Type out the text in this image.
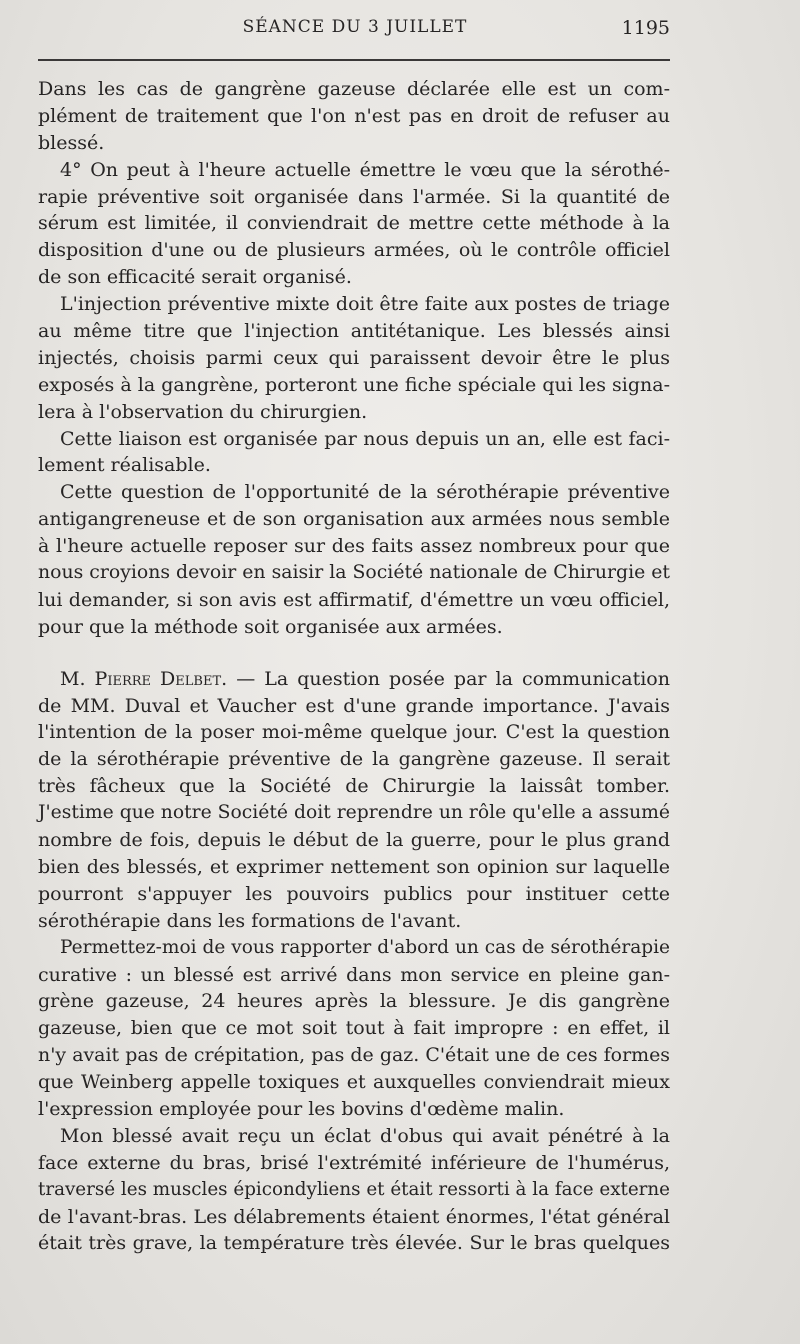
SÉANCE DU 3 JUILLET	1195
Dans les cas de gangrène gazeuse déclarée elle est un com-
plément de traitement que l'on n'est pas en droit de refuser au
blessé.
4° On peut à l'heure actuelle émettre le vœu que la sérothé-
rapie préventive soit organisée dans l'armée. Si la quantité de
sérum est limitée, il conviendrait de mettre cette méthode à la
disposition d'une ou de plusieurs armées, où le contrôle officiel
de son efficacité serait organisé.
L'injection préventive mixte doit être faite aux postes de triage
au même titre que l'injection antitétanique. Les blessés ainsi
injectés, choisis parmi ceux qui paraissent devoir être le plus
exposés à la gangrène, porteront une fiche spéciale qui les signa-
lera à l'observation du chirurgien.
Cette liaison est organisée par nous depuis un an, elle est faci-
lement réalisable.
Cette question de l'opportunité de la sérothérapie préventive
antigangreneuse et de son organisation aux armées nous semble
à l'heure actuelle reposer sur des faits assez nombreux pour que
nous croyions devoir en saisir la Société nationale de Chirurgie et
lui demander, si son avis est affirmatif, d'émettre un vœu officiel,
pour que la méthode soit organisée aux armées.
M. Pierre Delbet. — La question posée par la communication
de MM. Duval et Vaucher est d'une grande importance. J'avais
l'intention de la poser moi-même quelque jour. C'est la question
de la sérothérapie préventive de la gangrène gazeuse. Il serait
très fâcheux que la Société de Chirurgie la laissât tomber.
J'estime que notre Société doit reprendre un rôle qu'elle a assumé
nombre de fois, depuis le début de la guerre, pour le plus grand
bien des blessés, et exprimer nettement son opinion sur laquelle
pourront s'appuyer les pouvoirs publics pour instituer cette
sérothérapie dans les formations de l'avant.
Permettez-moi de vous rapporter d'abord un cas de sérothérapie
curative : un blessé est arrivé dans mon service en pleine gan-
grène gazeuse, 24 heures après la blessure. Je dis gangrène
gazeuse, bien que ce mot soit tout à fait impropre : en effet, il
n'y avait pas de crépitation, pas de gaz. C'était une de ces formes
que Weinberg appelle toxiques et auxquelles conviendrait mieux
l'expression employée pour les bovins d'œdème malin.
Mon blessé avait reçu un éclat d'obus qui avait pénétré à la
face externe du bras, brisé l'extrémité inférieure de l'humérus,
traversé les muscles épicondyliens et était ressorti à la face externe
de l'avant-bras. Les délabrements étaient énormes, l'état général
était très grave, la température très élevée. Sur le bras quelques
